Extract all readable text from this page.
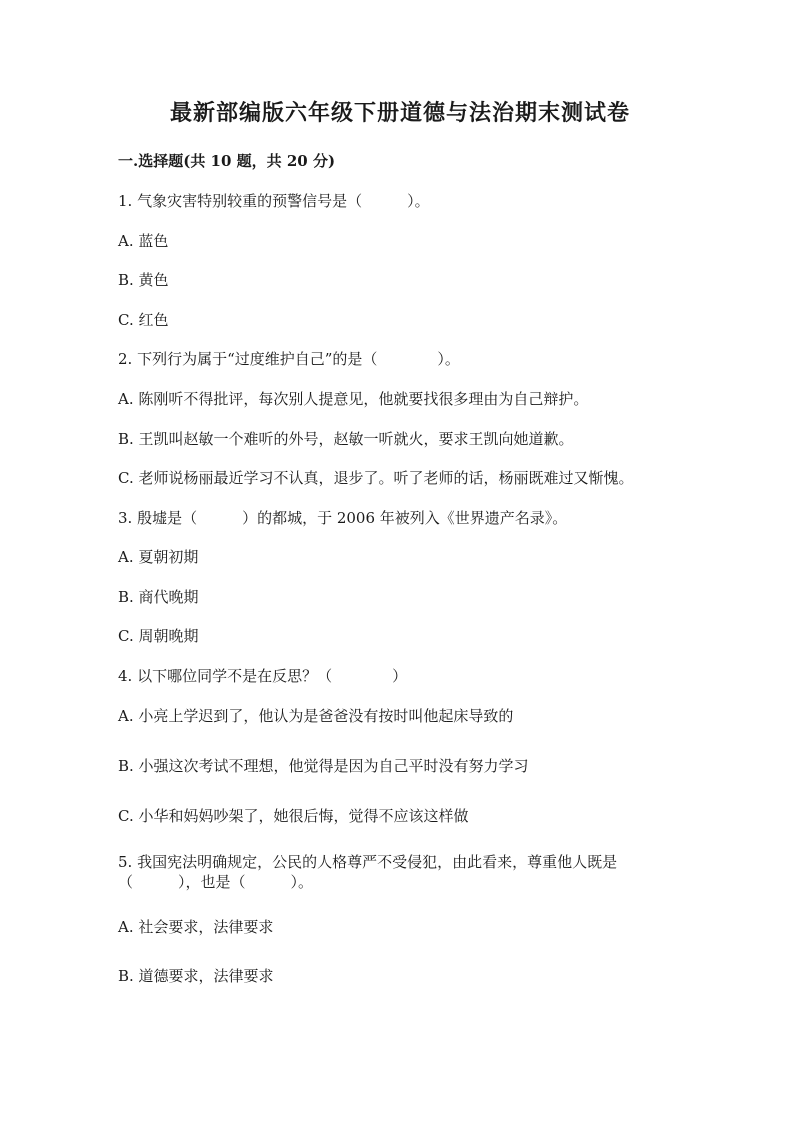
最新部编版六年级下册道德与法治期末测试卷
一.选择题(共 10 题，共 20 分)
1. 气象灾害特别较重的预警信号是（　　　）。
A. 蓝色
B. 黄色
C. 红色
2. 下列行为属于“过度维护自己”的是（　　　　）。
A. 陈刚听不得批评，每次别人提意见，他就要找很多理由为自己辩护。
B. 王凯叫赵敏一个难听的外号，赵敏一听就火，要求王凯向她道歉。
C. 老师说杨丽最近学习不认真，退步了。听了老师的话，杨丽既难过又惭愧。
3. 殷墟是（　　　）的都城，于 2006 年被列入《世界遗产名录》。
A. 夏朝初期
B. 商代晚期
C. 周朝晚期
4. 以下哪位同学不是在反思？（　　　　）
A. 小亮上学迟到了，他认为是爸爸没有按时叫他起床导致的
B. 小强这次考试不理想，他觉得是因为自己平时没有努力学习
C. 小华和妈妈吵架了，她很后悔，觉得不应该这样做
5. 我国宪法明确规定，公民的人格尊严不受侵犯，由此看来，尊重他人既是（　　　），也是（　　　）。
A. 社会要求，法律要求
B. 道德要求，法律要求
